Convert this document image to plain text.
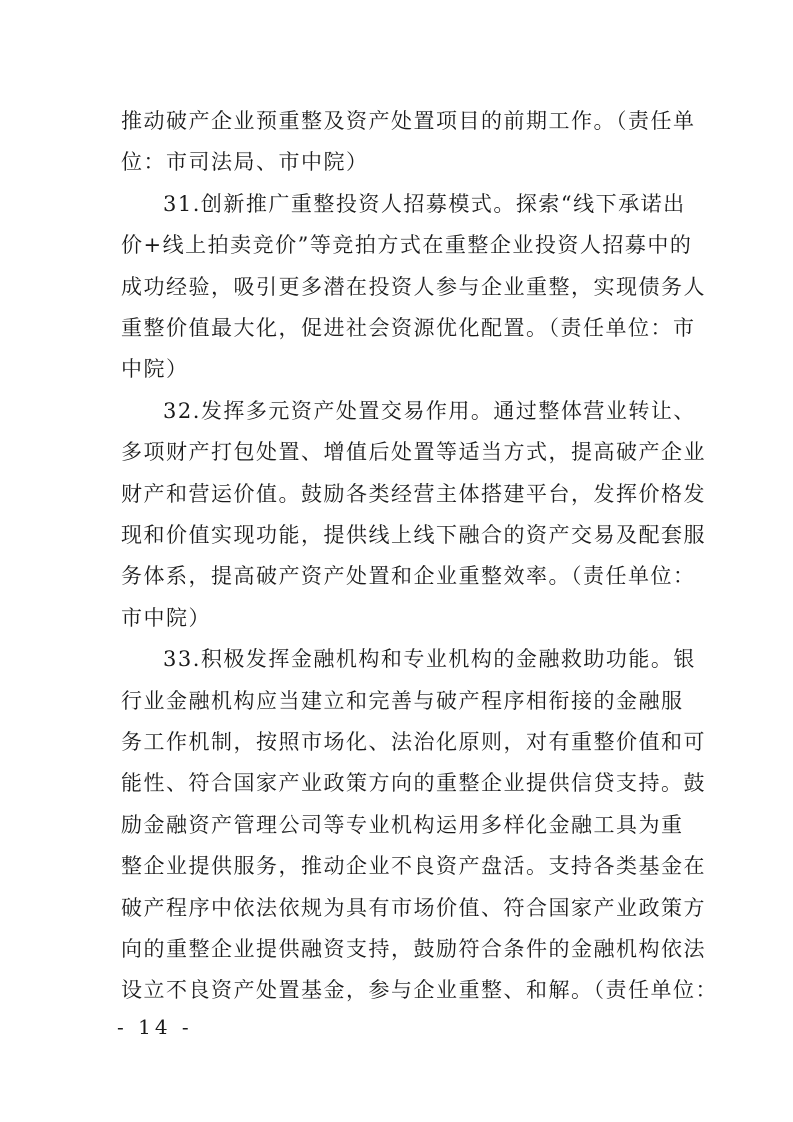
推动破产企业预重整及资产处置项目的前期工作。（责任单
位：市司法局、市中院）
31.创新推广重整投资人招募模式。探索“线下承诺出
价+线上拍卖竞价”等竞拍方式在重整企业投资人招募中的
成功经验，吸引更多潜在投资人参与企业重整，实现债务人
重整价值最大化，促进社会资源优化配置。（责任单位：市
中院）
32.发挥多元资产处置交易作用。通过整体营业转让、
多项财产打包处置、增值后处置等适当方式，提高破产企业
财产和营运价值。鼓励各类经营主体搭建平台，发挥价格发
现和价值实现功能，提供线上线下融合的资产交易及配套服
务体系，提高破产资产处置和企业重整效率。（责任单位：
市中院）
33.积极发挥金融机构和专业机构的金融救助功能。银
行业金融机构应当建立和完善与破产程序相衔接的金融服
务工作机制，按照市场化、法治化原则，对有重整价值和可
能性、符合国家产业政策方向的重整企业提供信贷支持。鼓
励金融资产管理公司等专业机构运用多样化金融工具为重
整企业提供服务，推动企业不良资产盘活。支持各类基金在
破产程序中依法依规为具有市场价值、符合国家产业政策方
向的重整企业提供融资支持，鼓励符合条件的金融机构依法
设立不良资产处置基金，参与企业重整、和解。（责任单位：
- 14 -
